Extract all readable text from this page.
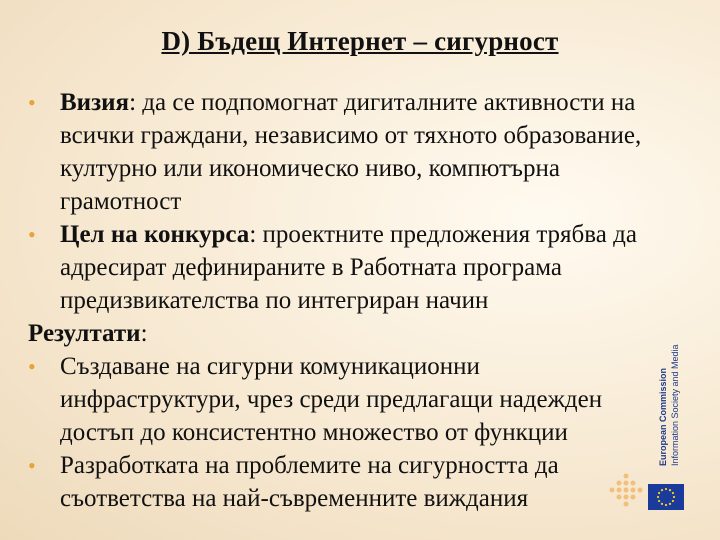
D) Бъдещ Интернет – сигурност
• Визия: да се подпомогнат дигиталните активности на
всички граждани, независимо от тяхното образование,
културно или икономическо ниво, компютърна
грамотност
• Цел на конкурса: проектните предложения трябва да
адресират дефинираните в Работната програма
предизвикателства по интегриран начин
Резултати:
• Създаване на сигурни комуникационни
инфраструктури, чрез среди предлагащи надежден
достъп до консистентно множество от функции
• Разработката на проблемите на сигурността да
съответства на най-съвременните виждания
European Commission Information Society and Media
